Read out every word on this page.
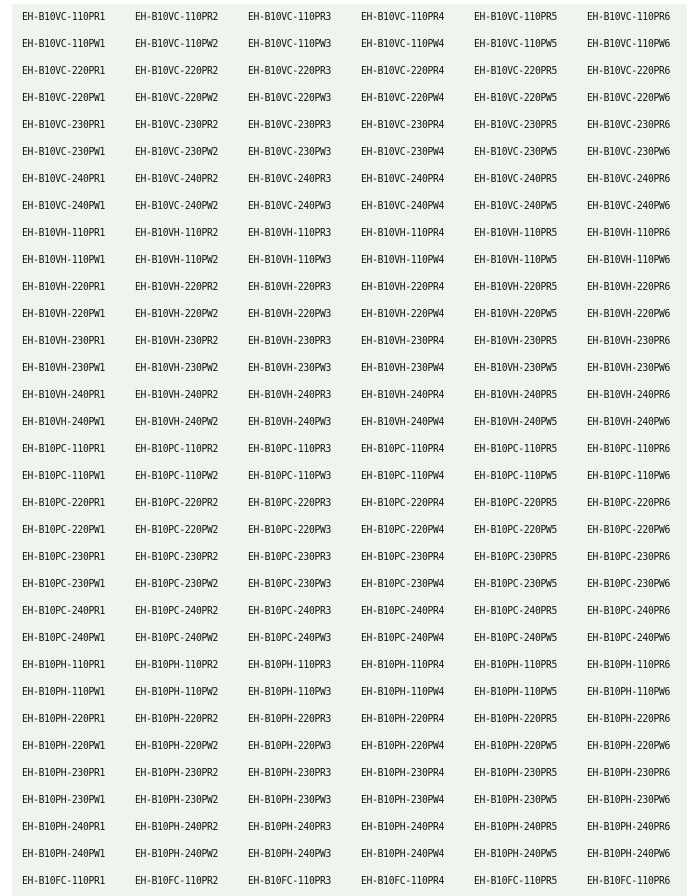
EH-B10VC-110PR1	EH-B10VC-110PR2	EH-B10VC-110PR3	EH-B10VC-110PR4	EH-B10VC-110PR5	EH-B10VC-110PR6
EH-B10VC-110PW1	EH-B10VC-110PW2	EH-B10VC-110PW3	EH-B10VC-110PW4	EH-B10VC-110PW5	EH-B10VC-110PW6
EH-B10VC-220PR1	EH-B10VC-220PR2	EH-B10VC-220PR3	EH-B10VC-220PR4	EH-B10VC-220PR5	EH-B10VC-220PR6
EH-B10VC-220PW1	EH-B10VC-220PW2	EH-B10VC-220PW3	EH-B10VC-220PW4	EH-B10VC-220PW5	EH-B10VC-220PW6
EH-B10VC-230PR1	EH-B10VC-230PR2	EH-B10VC-230PR3	EH-B10VC-230PR4	EH-B10VC-230PR5	EH-B10VC-230PR6
EH-B10VC-230PW1	EH-B10VC-230PW2	EH-B10VC-230PW3	EH-B10VC-230PW4	EH-B10VC-230PW5	EH-B10VC-230PW6
EH-B10VC-240PR1	EH-B10VC-240PR2	EH-B10VC-240PR3	EH-B10VC-240PR4	EH-B10VC-240PR5	EH-B10VC-240PR6
EH-B10VC-240PW1	EH-B10VC-240PW2	EH-B10VC-240PW3	EH-B10VC-240PW4	EH-B10VC-240PW5	EH-B10VC-240PW6
EH-B10VH-110PR1	EH-B10VH-110PR2	EH-B10VH-110PR3	EH-B10VH-110PR4	EH-B10VH-110PR5	EH-B10VH-110PR6
EH-B10VH-110PW1	EH-B10VH-110PW2	EH-B10VH-110PW3	EH-B10VH-110PW4	EH-B10VH-110PW5	EH-B10VH-110PW6
EH-B10VH-220PR1	EH-B10VH-220PR2	EH-B10VH-220PR3	EH-B10VH-220PR4	EH-B10VH-220PR5	EH-B10VH-220PR6
EH-B10VH-220PW1	EH-B10VH-220PW2	EH-B10VH-220PW3	EH-B10VH-220PW4	EH-B10VH-220PW5	EH-B10VH-220PW6
EH-B10VH-230PR1	EH-B10VH-230PR2	EH-B10VH-230PR3	EH-B10VH-230PR4	EH-B10VH-230PR5	EH-B10VH-230PR6
EH-B10VH-230PW1	EH-B10VH-230PW2	EH-B10VH-230PW3	EH-B10VH-230PW4	EH-B10VH-230PW5	EH-B10VH-230PW6
EH-B10VH-240PR1	EH-B10VH-240PR2	EH-B10VH-240PR3	EH-B10VH-240PR4	EH-B10VH-240PR5	EH-B10VH-240PR6
EH-B10VH-240PW1	EH-B10VH-240PW2	EH-B10VH-240PW3	EH-B10VH-240PW4	EH-B10VH-240PW5	EH-B10VH-240PW6
EH-B10PC-110PR1	EH-B10PC-110PR2	EH-B10PC-110PR3	EH-B10PC-110PR4	EH-B10PC-110PR5	EH-B10PC-110PR6
EH-B10PC-110PW1	EH-B10PC-110PW2	EH-B10PC-110PW3	EH-B10PC-110PW4	EH-B10PC-110PW5	EH-B10PC-110PW6
EH-B10PC-220PR1	EH-B10PC-220PR2	EH-B10PC-220PR3	EH-B10PC-220PR4	EH-B10PC-220PR5	EH-B10PC-220PR6
EH-B10PC-220PW1	EH-B10PC-220PW2	EH-B10PC-220PW3	EH-B10PC-220PW4	EH-B10PC-220PW5	EH-B10PC-220PW6
EH-B10PC-230PR1	EH-B10PC-230PR2	EH-B10PC-230PR3	EH-B10PC-230PR4	EH-B10PC-230PR5	EH-B10PC-230PR6
EH-B10PC-230PW1	EH-B10PC-230PW2	EH-B10PC-230PW3	EH-B10PC-230PW4	EH-B10PC-230PW5	EH-B10PC-230PW6
EH-B10PC-240PR1	EH-B10PC-240PR2	EH-B10PC-240PR3	EH-B10PC-240PR4	EH-B10PC-240PR5	EH-B10PC-240PR6
EH-B10PC-240PW1	EH-B10PC-240PW2	EH-B10PC-240PW3	EH-B10PC-240PW4	EH-B10PC-240PW5	EH-B10PC-240PW6
EH-B10PH-110PR1	EH-B10PH-110PR2	EH-B10PH-110PR3	EH-B10PH-110PR4	EH-B10PH-110PR5	EH-B10PH-110PR6
EH-B10PH-110PW1	EH-B10PH-110PW2	EH-B10PH-110PW3	EH-B10PH-110PW4	EH-B10PH-110PW5	EH-B10PH-110PW6
EH-B10PH-220PR1	EH-B10PH-220PR2	EH-B10PH-220PR3	EH-B10PH-220PR4	EH-B10PH-220PR5	EH-B10PH-220PR6
EH-B10PH-220PW1	EH-B10PH-220PW2	EH-B10PH-220PW3	EH-B10PH-220PW4	EH-B10PH-220PW5	EH-B10PH-220PW6
EH-B10PH-230PR1	EH-B10PH-230PR2	EH-B10PH-230PR3	EH-B10PH-230PR4	EH-B10PH-230PR5	EH-B10PH-230PR6
EH-B10PH-230PW1	EH-B10PH-230PW2	EH-B10PH-230PW3	EH-B10PH-230PW4	EH-B10PH-230PW5	EH-B10PH-230PW6
EH-B10PH-240PR1	EH-B10PH-240PR2	EH-B10PH-240PR3	EH-B10PH-240PR4	EH-B10PH-240PR5	EH-B10PH-240PR6
EH-B10PH-240PW1	EH-B10PH-240PW2	EH-B10PH-240PW3	EH-B10PH-240PW4	EH-B10PH-240PW5	EH-B10PH-240PW6
EH-B10FC-110PR1	EH-B10FC-110PR2	EH-B10FC-110PR3	EH-B10FC-110PR4	EH-B10FC-110PR5	EH-B10FC-110PR6
